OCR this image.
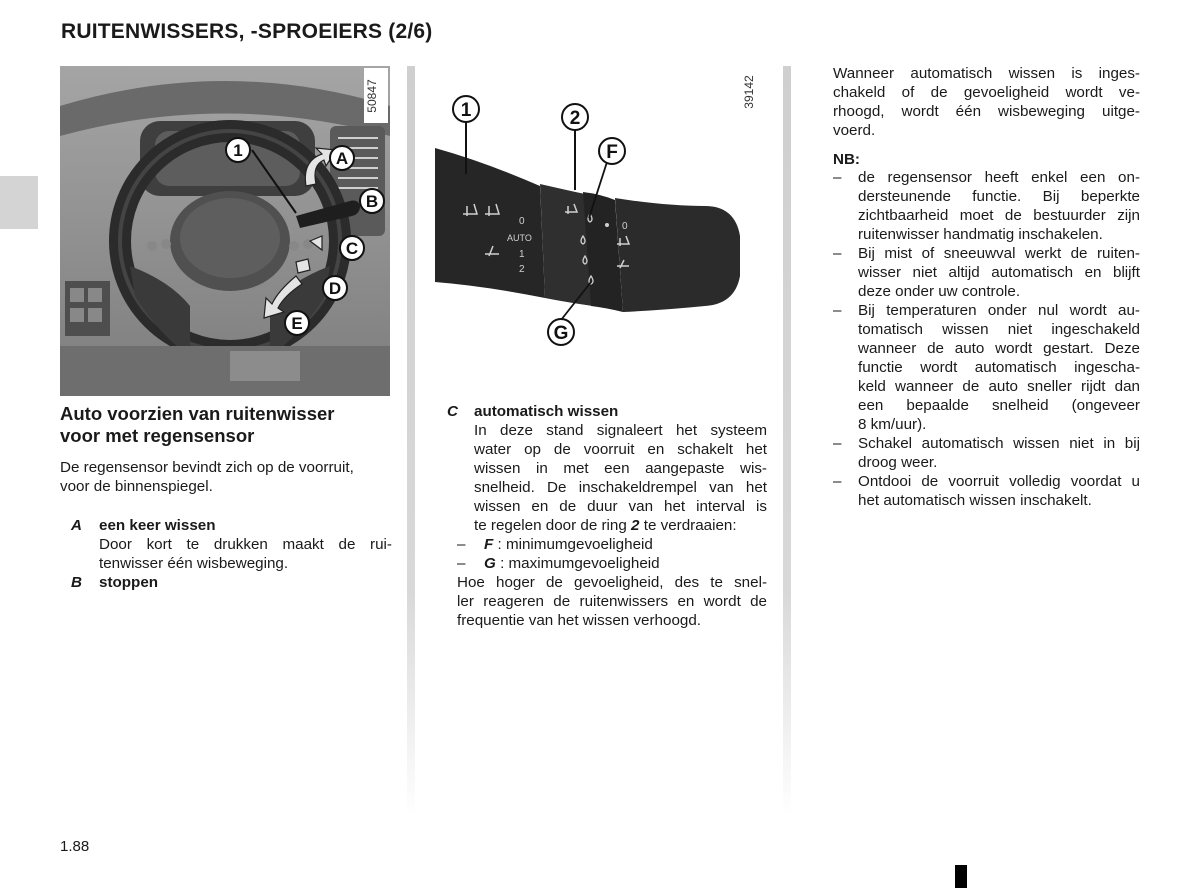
RUITENWISSERS, -SPROEIERS (2/6)
50847
1	A
B
C
D
E
0
AUTO
1
2
0
39142
1	2
F
G
Auto voorzien van ruitenwisser
voor met regensensor
De regensensor bevindt zich op de voorruit,
voor de binnenspiegel.
A een keer wissen
Door kort te drukken maakt de rui-
tenwisser één wisbeweging.
B stoppen
C automatisch wissen
In deze stand signaleert het systeem
water op de voorruit en schakelt het
wissen in met een aangepaste wis-
snelheid. De inschakeldrempel van het
wissen en de duur van het interval is
te regelen door de ring 2 te verdraaien:
– F : minimumgevoeligheid
– G : maximumgevoeligheid
Hoe hoger de gevoeligheid, des te snel-
ler reageren de ruitenwissers en wordt de
frequentie van het wissen verhoogd.
Wanneer automatisch wissen is inges-
chakeld of de gevoeligheid wordt ve-
rhoogd, wordt één wisbeweging uitge-
voerd.
NB:
– de regensensor heeft enkel een on-
dersteunende functie. Bij beperkte
zichtbaarheid moet de bestuurder zijn
ruitenwisser handmatig inschakelen.
– Bij mist of sneeuwval werkt de ruiten-
wisser niet altijd automatisch en blijft
deze onder uw controle.
– Bij temperaturen onder nul wordt au-
tomatisch wissen niet ingeschakeld
wanneer de auto wordt gestart. Deze
functie wordt automatisch ingescha-
keld wanneer de auto sneller rijdt dan
een bepaalde snelheid (ongeveer
8 km/uur).
– Schakel automatisch wissen niet in bij
droog weer.
– Ontdooi de voorruit volledig voordat u
het automatisch wissen inschakelt.
1.88
